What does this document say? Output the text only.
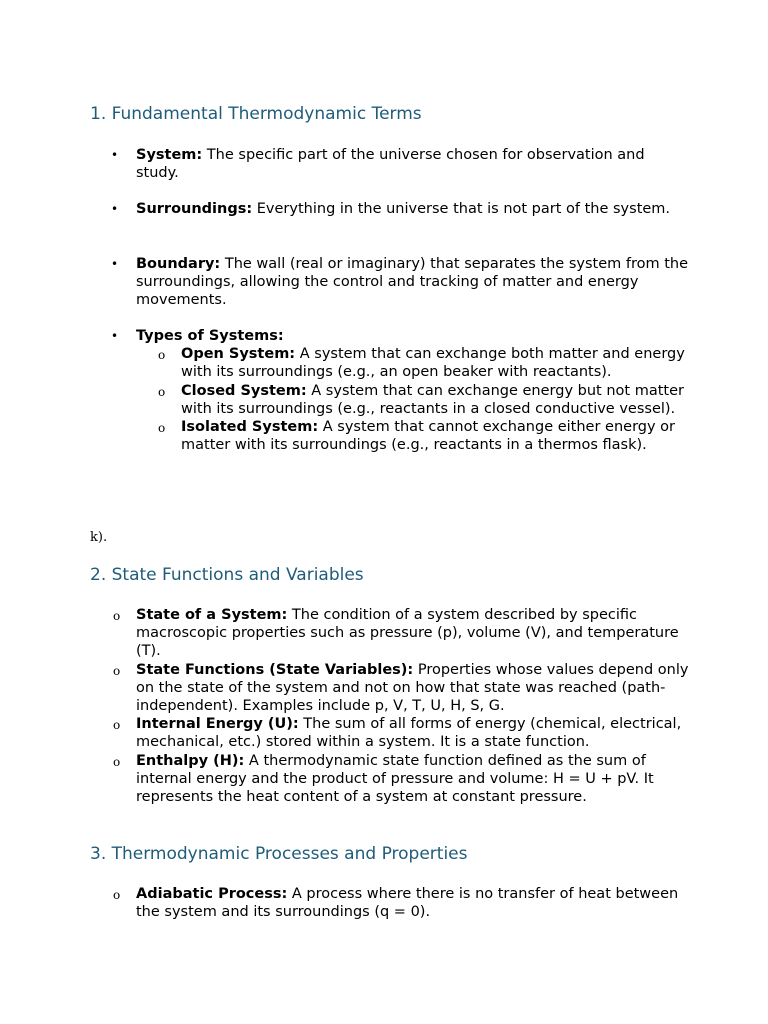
1. Fundamental Thermodynamic Terms
• System: The specific part of the universe chosen for observation and study.
• Surroundings: Everything in the universe that is not part of the system.
• Boundary: The wall (real or imaginary) that separates the system from the surroundings, allowing the control and tracking of matter and energy movements.
• Types of Systems:
o Open System: A system that can exchange both matter and energy with its surroundings (e.g., an open beaker with reactants).
o Closed System: A system that can exchange energy but not matter with its surroundings (e.g., reactants in a closed conductive vessel).
o Isolated System: A system that cannot exchange either energy or matter with its surroundings (e.g., reactants in a thermos flask).
k).
2. State Functions and Variables
o State of a System: The condition of a system described by specific macroscopic properties such as pressure (p), volume (V), and temperature (T).
o State Functions (State Variables): Properties whose values depend only on the state of the system and not on how that state was reached (path-independent). Examples include p, V, T, U, H, S, G.
o Internal Energy (U): The sum of all forms of energy (chemical, electrical, mechanical, etc.) stored within a system. It is a state function.
o Enthalpy (H): A thermodynamic state function defined as the sum of internal energy and the product of pressure and volume: H = U + pV. It represents the heat content of a system at constant pressure.
3. Thermodynamic Processes and Properties
o Adiabatic Process: A process where there is no transfer of heat between the system and its surroundings (q = 0).
